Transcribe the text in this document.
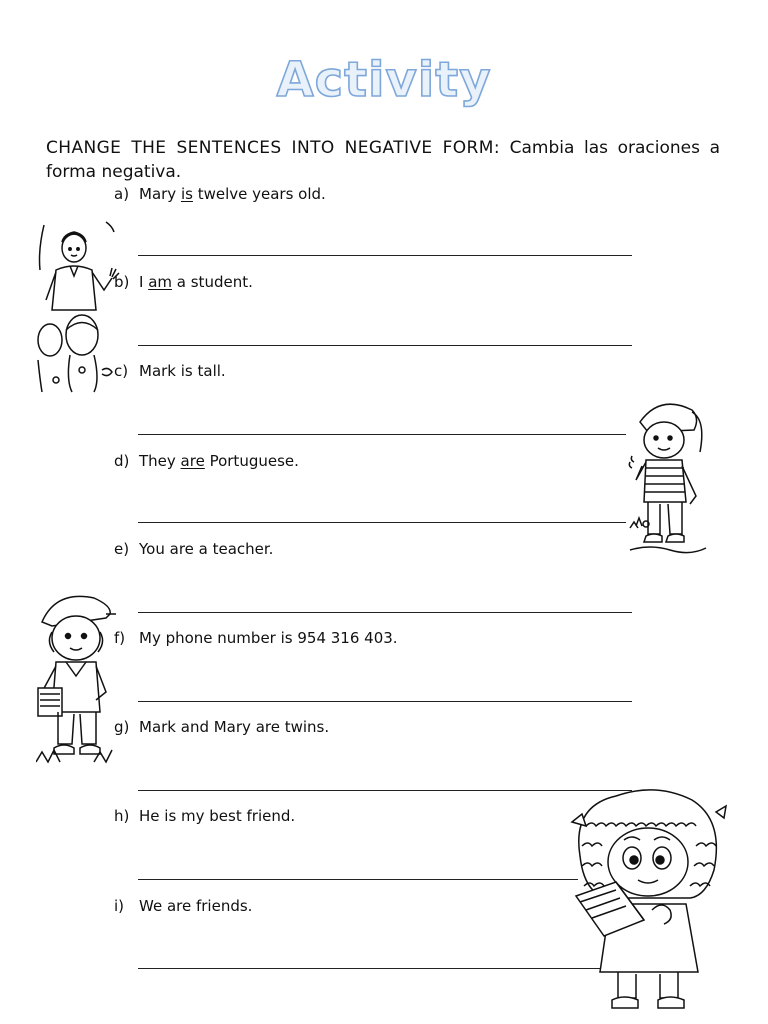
Activity
CHANGE THE SENTENCES INTO NEGATIVE FORM: Cambia las oraciones a forma negativa.
a) Mary is twelve years old.
b) I am a student.
c) Mark is tall.
d) They are Portuguese.
e) You are a teacher.
f) My phone number is 954 316 403.
g) Mark and Mary are twins.
h) He is my best friend.
i) We are friends.
